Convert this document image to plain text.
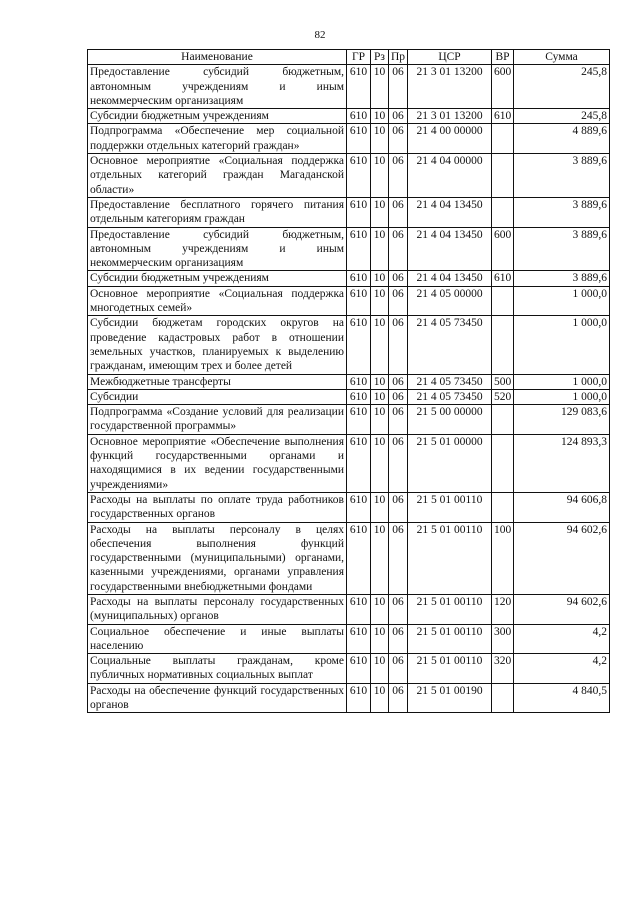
82
Наименование	ГР	Рз	Пр	ЦСР	ВР	Сумма
Предоставление субсидий бюджетным, автономным учреждениям и иным некоммерческим организациям	610	10	06	21 3 01 13200	600	245,8
Субсидии бюджетным учреждениям	610	10	06	21 3 01 13200	610	245,8
Подпрограмма «Обеспечение мер социальной поддержки отдельных категорий граждан»	610	10	06	21 4 00 00000		4 889,6
Основное мероприятие «Социальная поддержка отдельных категорий граждан Магаданской области»	610	10	06	21 4 04 00000		3 889,6
Предоставление бесплатного горячего питания отдельным категориям граждан	610	10	06	21 4 04 13450		3 889,6
Предоставление субсидий бюджетным, автономным учреждениям и иным некоммерческим организациям	610	10	06	21 4 04 13450	600	3 889,6
Субсидии бюджетным учреждениям	610	10	06	21 4 04 13450	610	3 889,6
Основное мероприятие «Социальная поддержка многодетных семей»	610	10	06	21 4 05 00000		1 000,0
Субсидии бюджетам городских округов на проведение кадастровых работ в отношении земельных участков, планируемых к выделению гражданам, имеющим трех и более детей	610	10	06	21 4 05 73450		1 000,0
Межбюджетные трансферты	610	10	06	21 4 05 73450	500	1 000,0
Субсидии	610	10	06	21 4 05 73450	520	1 000,0
Подпрограмма «Создание условий для реализации государственной программы»	610	10	06	21 5 00 00000		129 083,6
Основное мероприятие «Обеспечение выполнения функций государственными органами и находящимися в их ведении государственными учреждениями»	610	10	06	21 5 01 00000		124 893,3
Расходы на выплаты по оплате труда работников государственных органов	610	10	06	21 5 01 00110		94 606,8
Расходы на выплаты персоналу в целях обеспечения выполнения функций государственными (муниципальными) органами, казенными учреждениями, органами управления государственными внебюджетными фондами	610	10	06	21 5 01 00110	100	94 602,6
Расходы на выплаты персоналу государственных (муниципальных) органов	610	10	06	21 5 01 00110	120	94 602,6
Социальное обеспечение и иные выплаты населению	610	10	06	21 5 01 00110	300	4,2
Социальные выплаты гражданам, кроме публичных нормативных социальных выплат	610	10	06	21 5 01 00110	320	4,2
Расходы на обеспечение функций государственных органов	610	10	06	21 5 01 00190		4 840,5
